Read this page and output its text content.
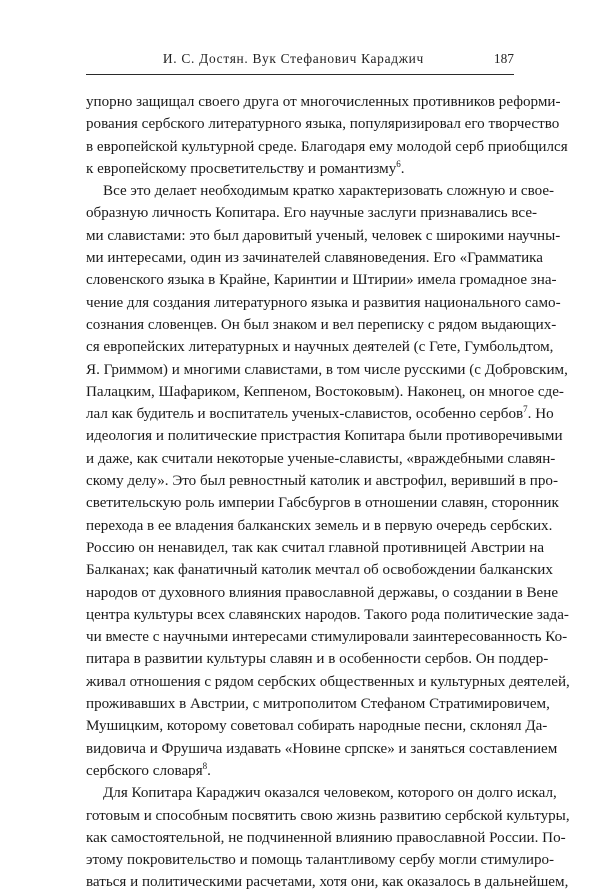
И. С. Достян. Вук Стефанович Караджич	187

упорно защищал своего друга от многочисленных противников реформи-
рования сербского литературного языка, популяризировал его творчество
в европейской культурной среде. Благодаря ему молодой серб приобщился
к европейскому просветительству и романтизму$^6$.

Все это делает необходимым кратко характеризовать сложную и свое-
образную личность Копитара. Его научные заслуги признавались все-
ми славистами: это был даровитый ученый, человек с широкими научны-
ми интересами, один из зачинателей славяноведения. Его «Грамматика
словенского языка в Крайне, Каринтии и Штирии» имела громадное зна-
чение для создания литературного языка и развития национального само-
сознания словенцев. Он был знаком и вел переписку с рядом выдающих-
ся европейских литературных и научных деятелей (с Гете, Гумбольдтом,
Я. Гриммом) и многими славистами, в том числе русскими (с Добровским,
Палацким, Шафариком, Кеппеном, Востоковым). Наконец, он многое сде-
лал как будитель и воспитатель ученых-славистов, особенно сербов$^7$. Но
идеология и политические пристрастия Копитара были противоречивыми
и даже, как считали некоторые ученые-слависты, «враждебными славян-
скому делу». Это был ревностный католик и австрофил, веривший в про-
светительскую роль империи Габсбургов в отношении славян, сторонник
перехода в ее владения балканских земель и в первую очередь сербских.
Россию он ненавидел, так как считал главной противницей Австрии на
Балканах; как фанатичный католик мечтал об освобождении балканских
народов от духовного влияния православной державы, о создании в Вене
центра культуры всех славянских народов. Такого рода политические зада-
чи вместе с научными интересами стимулировали заинтересованность Ко-
питара в развитии культуры славян и в особенности сербов. Он поддер-
живал отношения с рядом сербских общественных и культурных деятелей,
проживавших в Австрии, с митрополитом Стефаном Стратимировичем,
Мушицким, которому советовал собирать народные песни, склонял Да-
видовича и Фрушича издавать «Новине српске» и заняться составлением
сербского словаря$^8$.

Для Копитара Караджич оказался человеком, которого он долго искал,
готовым и способным посвятить свою жизнь развитию сербской культуры,
как самостоятельной, не подчиненной влиянию православной России. По-
этому покровительство и помощь талантливому сербу могли стимулиро-
ваться и политическими расчетами, хотя они, как оказалось в дальнейшем,
